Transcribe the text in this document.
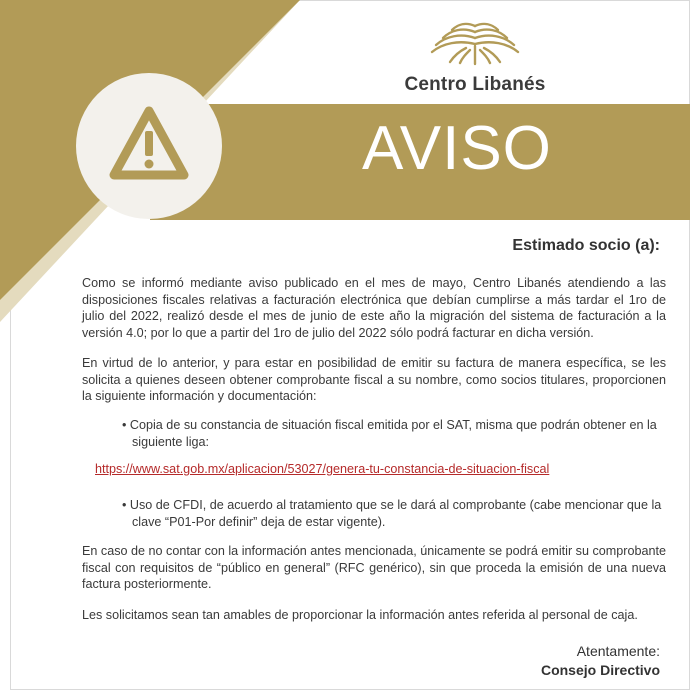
AVISO
Centro Libanés
Estimado socio (a):
Como se informó mediante aviso publicado en el mes de mayo, Centro Libanés atendiendo a las disposiciones fiscales relativas a facturación electrónica que debían cumplirse a más tardar el 1ro de julio del 2022, realizó desde el mes de junio de este año la migración del sistema de facturación a la versión 4.0; por lo que a partir del 1ro de julio del 2022 sólo podrá facturar en dicha versión.
En virtud de lo anterior, y para estar en posibilidad de emitir su factura de manera específica, se les solicita a quienes deseen obtener comprobante fiscal a su nombre, como socios titulares, proporcionen la siguiente información y documentación:
• Copia de su constancia de situación fiscal emitida por el SAT, misma que podrán obtener en la siguiente liga:
https://www.sat.gob.mx/aplicacion/53027/genera-tu-constancia-de-situacion-fiscal
• Uso de CFDI, de acuerdo al tratamiento que se le dará al comprobante (cabe mencionar que la clave “P01-Por definir” deja de estar vigente).
En caso de no contar con la información antes mencionada, únicamente se podrá emitir su comprobante fiscal con requisitos de “público en general” (RFC genérico), sin que proceda la emisión de una nueva factura posteriormente.
Les solicitamos sean tan amables de proporcionar la información antes referida al personal de caja.
Atentamente:
Consejo Directivo
